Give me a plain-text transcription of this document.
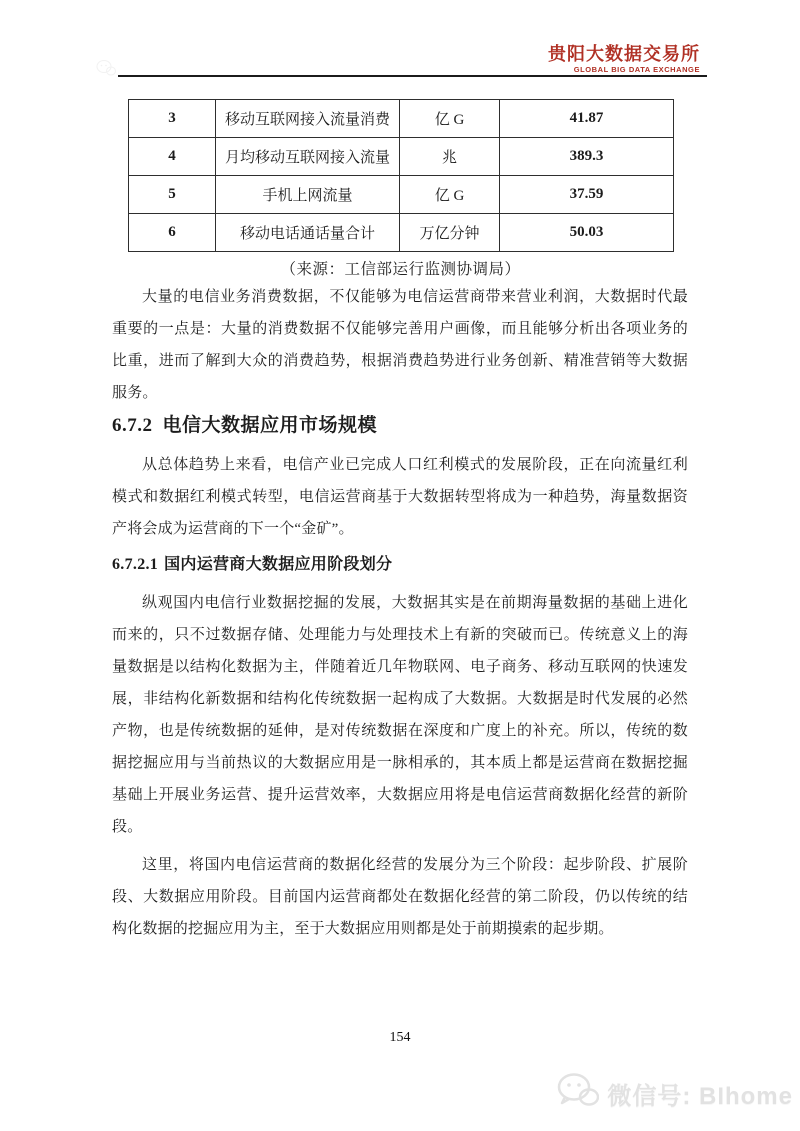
贵阳大数据交易所
GLOBAL BIG DATA EXCHANGE
3	移动互联网接入流量消费	亿 G	41.87
4	月均移动互联网接入流量	兆	389.3
5	手机上网流量	亿 G	37.59
6	移动电话通话量合计	万亿分钟	50.03
（来源：工信部运行监测协调局）

大量的电信业务消费数据，不仅能够为电信运营商带来营业利润，大数据时代最重要的一点是：大量的消费数据不仅能够完善用户画像，而且能够分析出各项业务的比重，进而了解到大众的消费趋势，根据消费趋势进行业务创新、精准营销等大数据服务。

6.7.2 电信大数据应用市场规模

从总体趋势上来看，电信产业已完成人口红利模式的发展阶段，正在向流量红利模式和数据红利模式转型，电信运营商基于大数据转型将成为一种趋势，海量数据资产将会成为运营商的下一个“金矿”。

6.7.2.1 国内运营商大数据应用阶段划分

纵观国内电信行业数据挖掘的发展，大数据其实是在前期海量数据的基础上进化而来的，只不过数据存储、处理能力与处理技术上有新的突破而已。传统意义上的海量数据是以结构化数据为主，伴随着近几年物联网、电子商务、移动互联网的快速发展，非结构化新数据和结构化传统数据一起构成了大数据。大数据是时代发展的必然产物，也是传统数据的延伸，是对传统数据在深度和广度上的补充。所以，传统的数据挖掘应用与当前热议的大数据应用是一脉相承的，其本质上都是运营商在数据挖掘基础上开展业务运营、提升运营效率，大数据应用将是电信运营商数据化经营的新阶段。

这里，将国内电信运营商的数据化经营的发展分为三个阶段：起步阶段、扩展阶段、大数据应用阶段。目前国内运营商都处在数据化经营的第二阶段，仍以传统的结构化数据的挖掘应用为主，至于大数据应用则都是处于前期摸索的起步期。

154
微信号: BIhome
